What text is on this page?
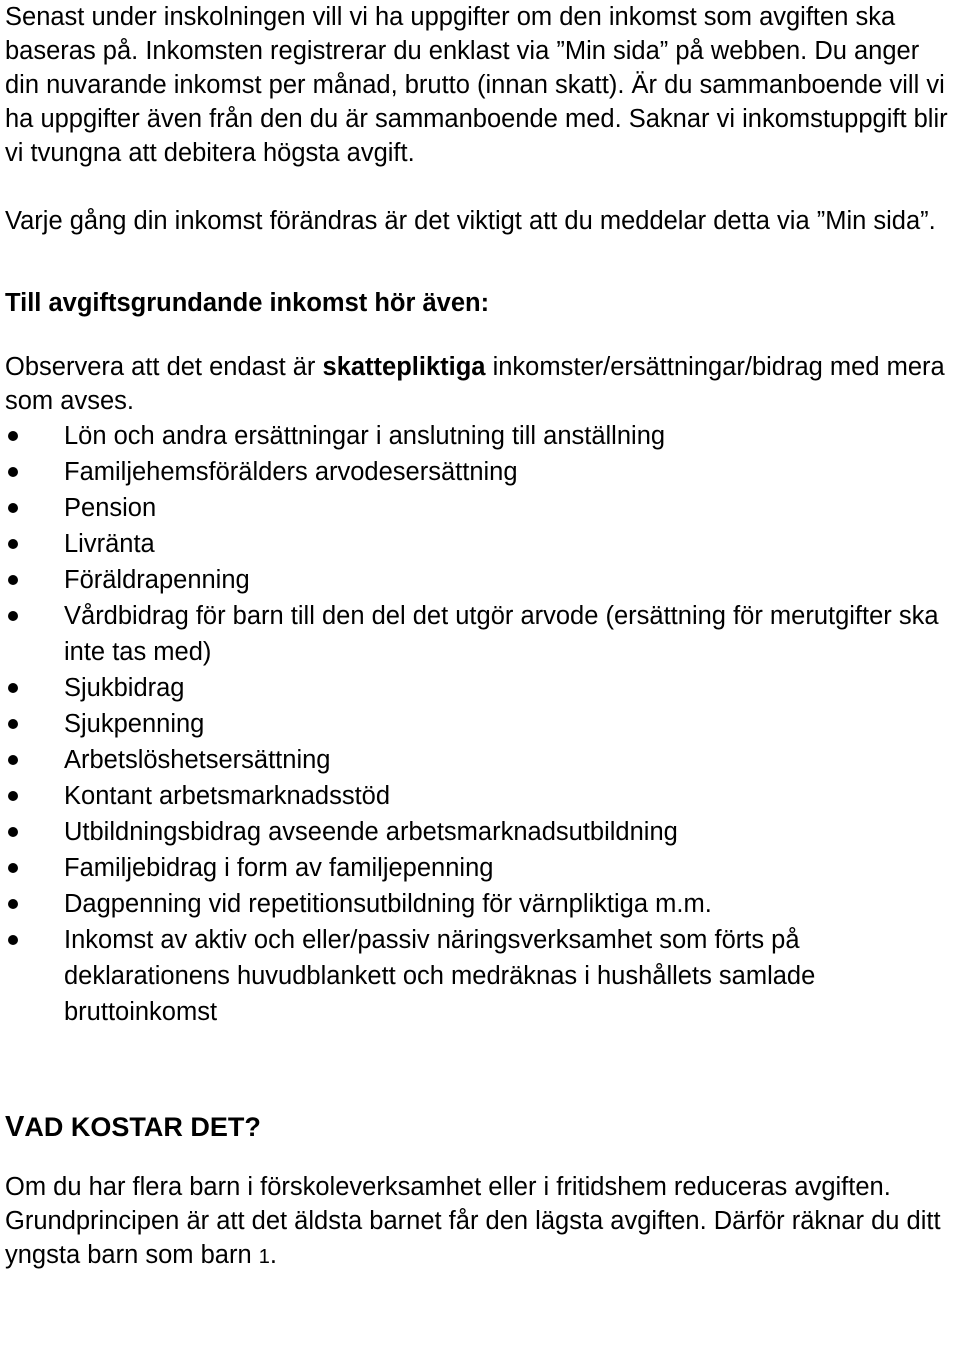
Senast under inskolningen vill vi ha uppgifter om den inkomst som avgiften ska baseras på. Inkomsten registrerar du enklast via ”Min sida” på webben. Du anger din nuvarande inkomst per månad, brutto (innan skatt). Är du sammanboende vill vi ha uppgifter även från den du är sammanboende med. Saknar vi inkomstuppgift blir vi tvungna att debitera högsta avgift.

Varje gång din inkomst förändras är det viktigt att du meddelar detta via ”Min sida”.

Till avgiftsgrundande inkomst hör även:

Observera att det endast är skattepliktiga inkomster/ersättningar/bidrag med mera som avses.

Lön och andra ersättningar i anslutning till anställning
Familjehemsförälders arvodesersättning
Pension
Livränta
Föräldrapenning
Vårdbidrag för barn till den del det utgör arvode (ersättning för merutgifter ska inte tas med)
Sjukbidrag
Sjukpenning
Arbetslöshetsersättning
Kontant arbetsmarknadsstöd
Utbildningsbidrag avseende arbetsmarknadsutbildning
Familjebidrag i form av familjepenning
Dagpenning vid repetitionsutbildning för värnpliktiga m.m.
Inkomst av aktiv och eller/passiv näringsverksamhet som förts på deklarationens huvudblankett och medräknas i hushållets samlade bruttoinkomst
VAD KOSTAR DET?

Om du har flera barn i förskoleverksamhet eller i fritidshem reduceras avgiften. Grundprincipen är att det äldsta barnet får den lägsta avgiften. Därför räknar du ditt yngsta barn som barn 1.
